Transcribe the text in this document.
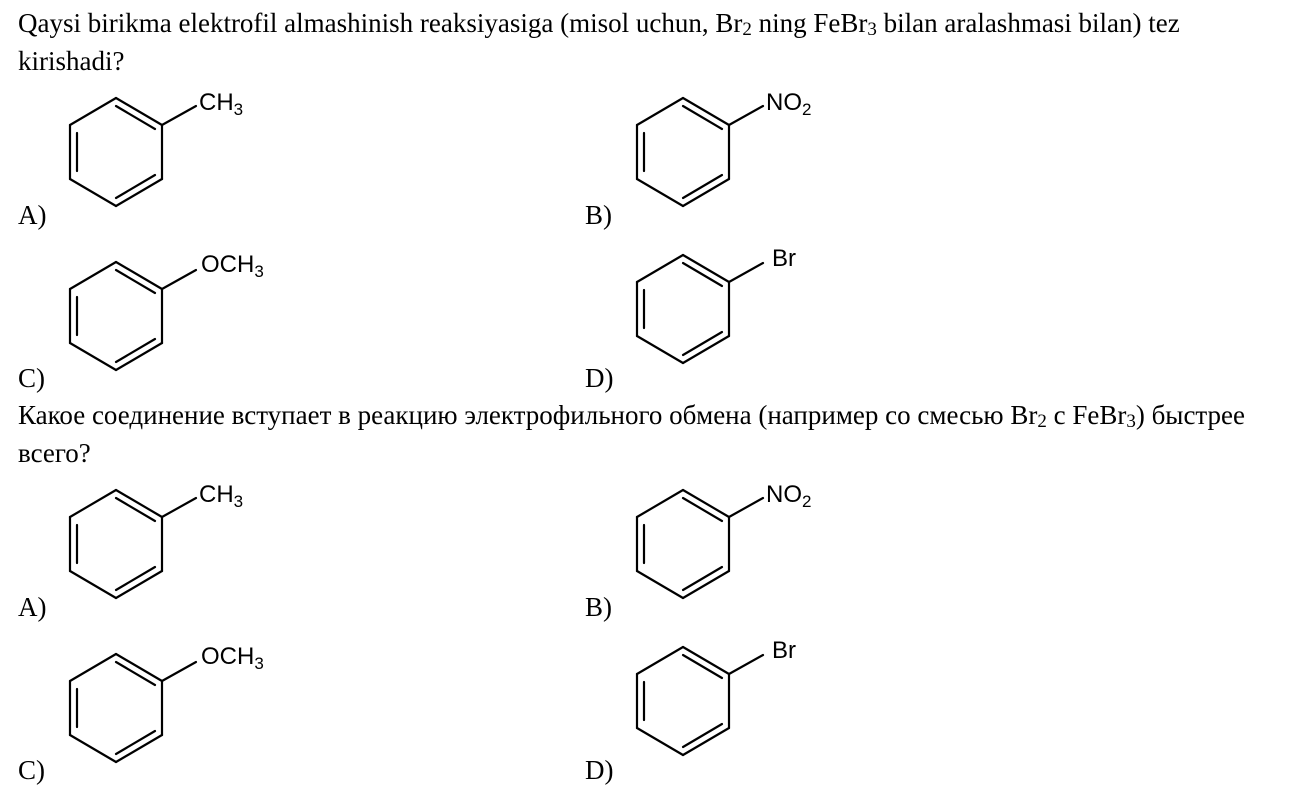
Qaysi birikma elektrofil almashinish reaksiyasiga (misol uchun, $Br_2$ ning FeBr$_3$ bilan aralashmasi bilan) tez kirishadi?
$CH_3$
A)
$NO_2$
B)
$OCH_3$
C)
Br
D)
Какое соединение вступает в реакцию электрофильного обмена (например со смесью $Br_2$ с FeBr$_3$) быстрее всего?
$CH_3$
A)
$NO_2$
B)
$OCH_3$
C)
Br
D)
